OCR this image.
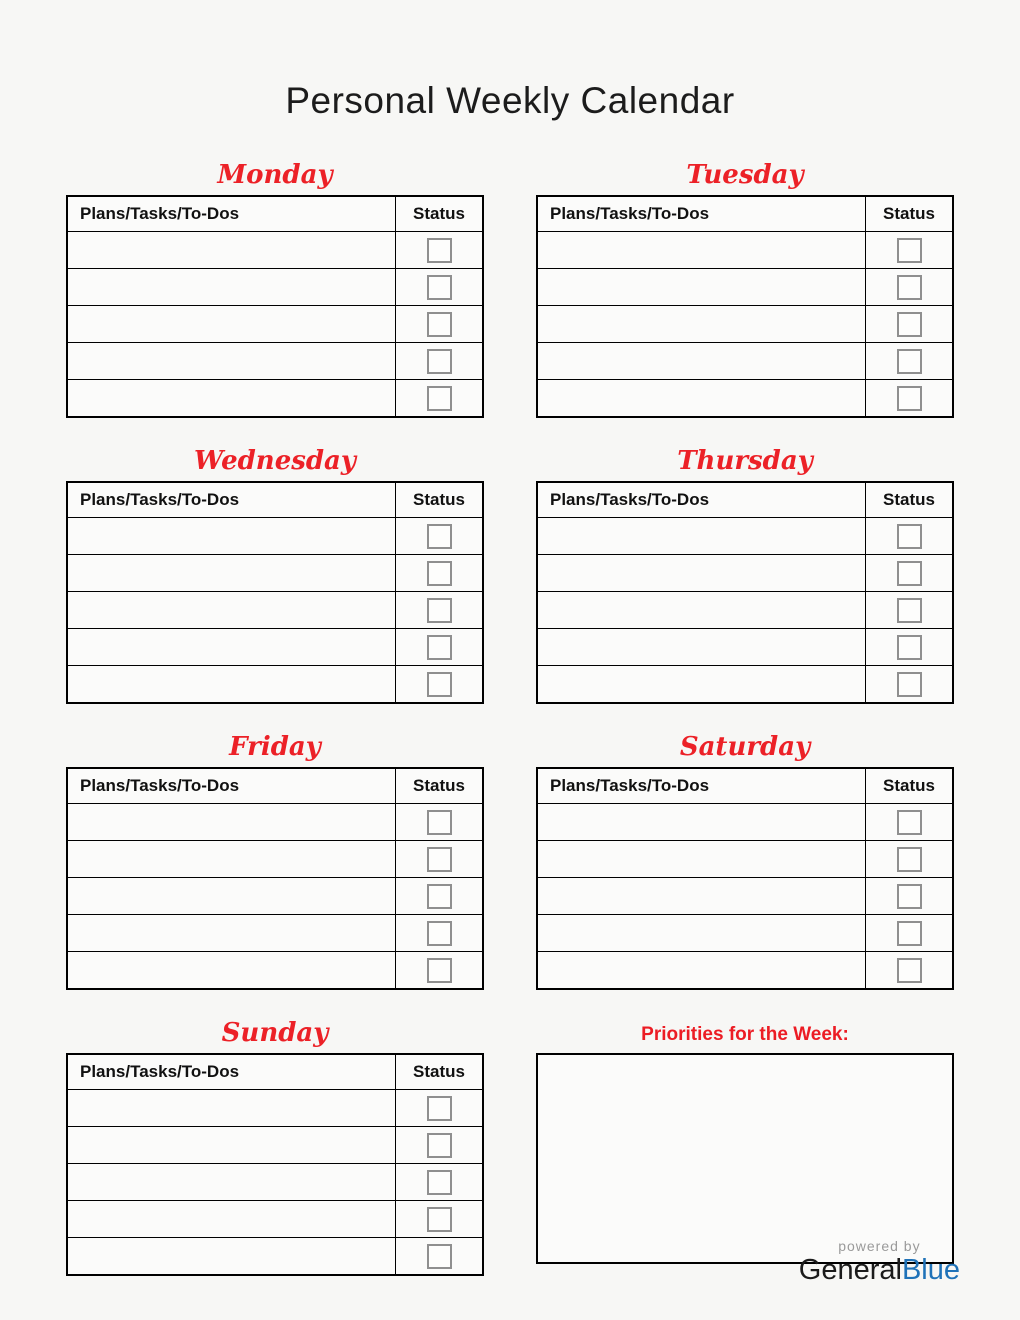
Personal Weekly Calendar
Monday
Plans/Tasks/To-Dos	Status

Tuesday
Plans/Tasks/To-Dos	Status

Wednesday
Plans/Tasks/To-Dos	Status

Thursday
Plans/Tasks/To-Dos	Status

Friday
Plans/Tasks/To-Dos	Status

Saturday
Plans/Tasks/To-Dos	Status

Sunday
Plans/Tasks/To-Dos	Status

Priorities for the Week:
powered by
GeneralBlue
